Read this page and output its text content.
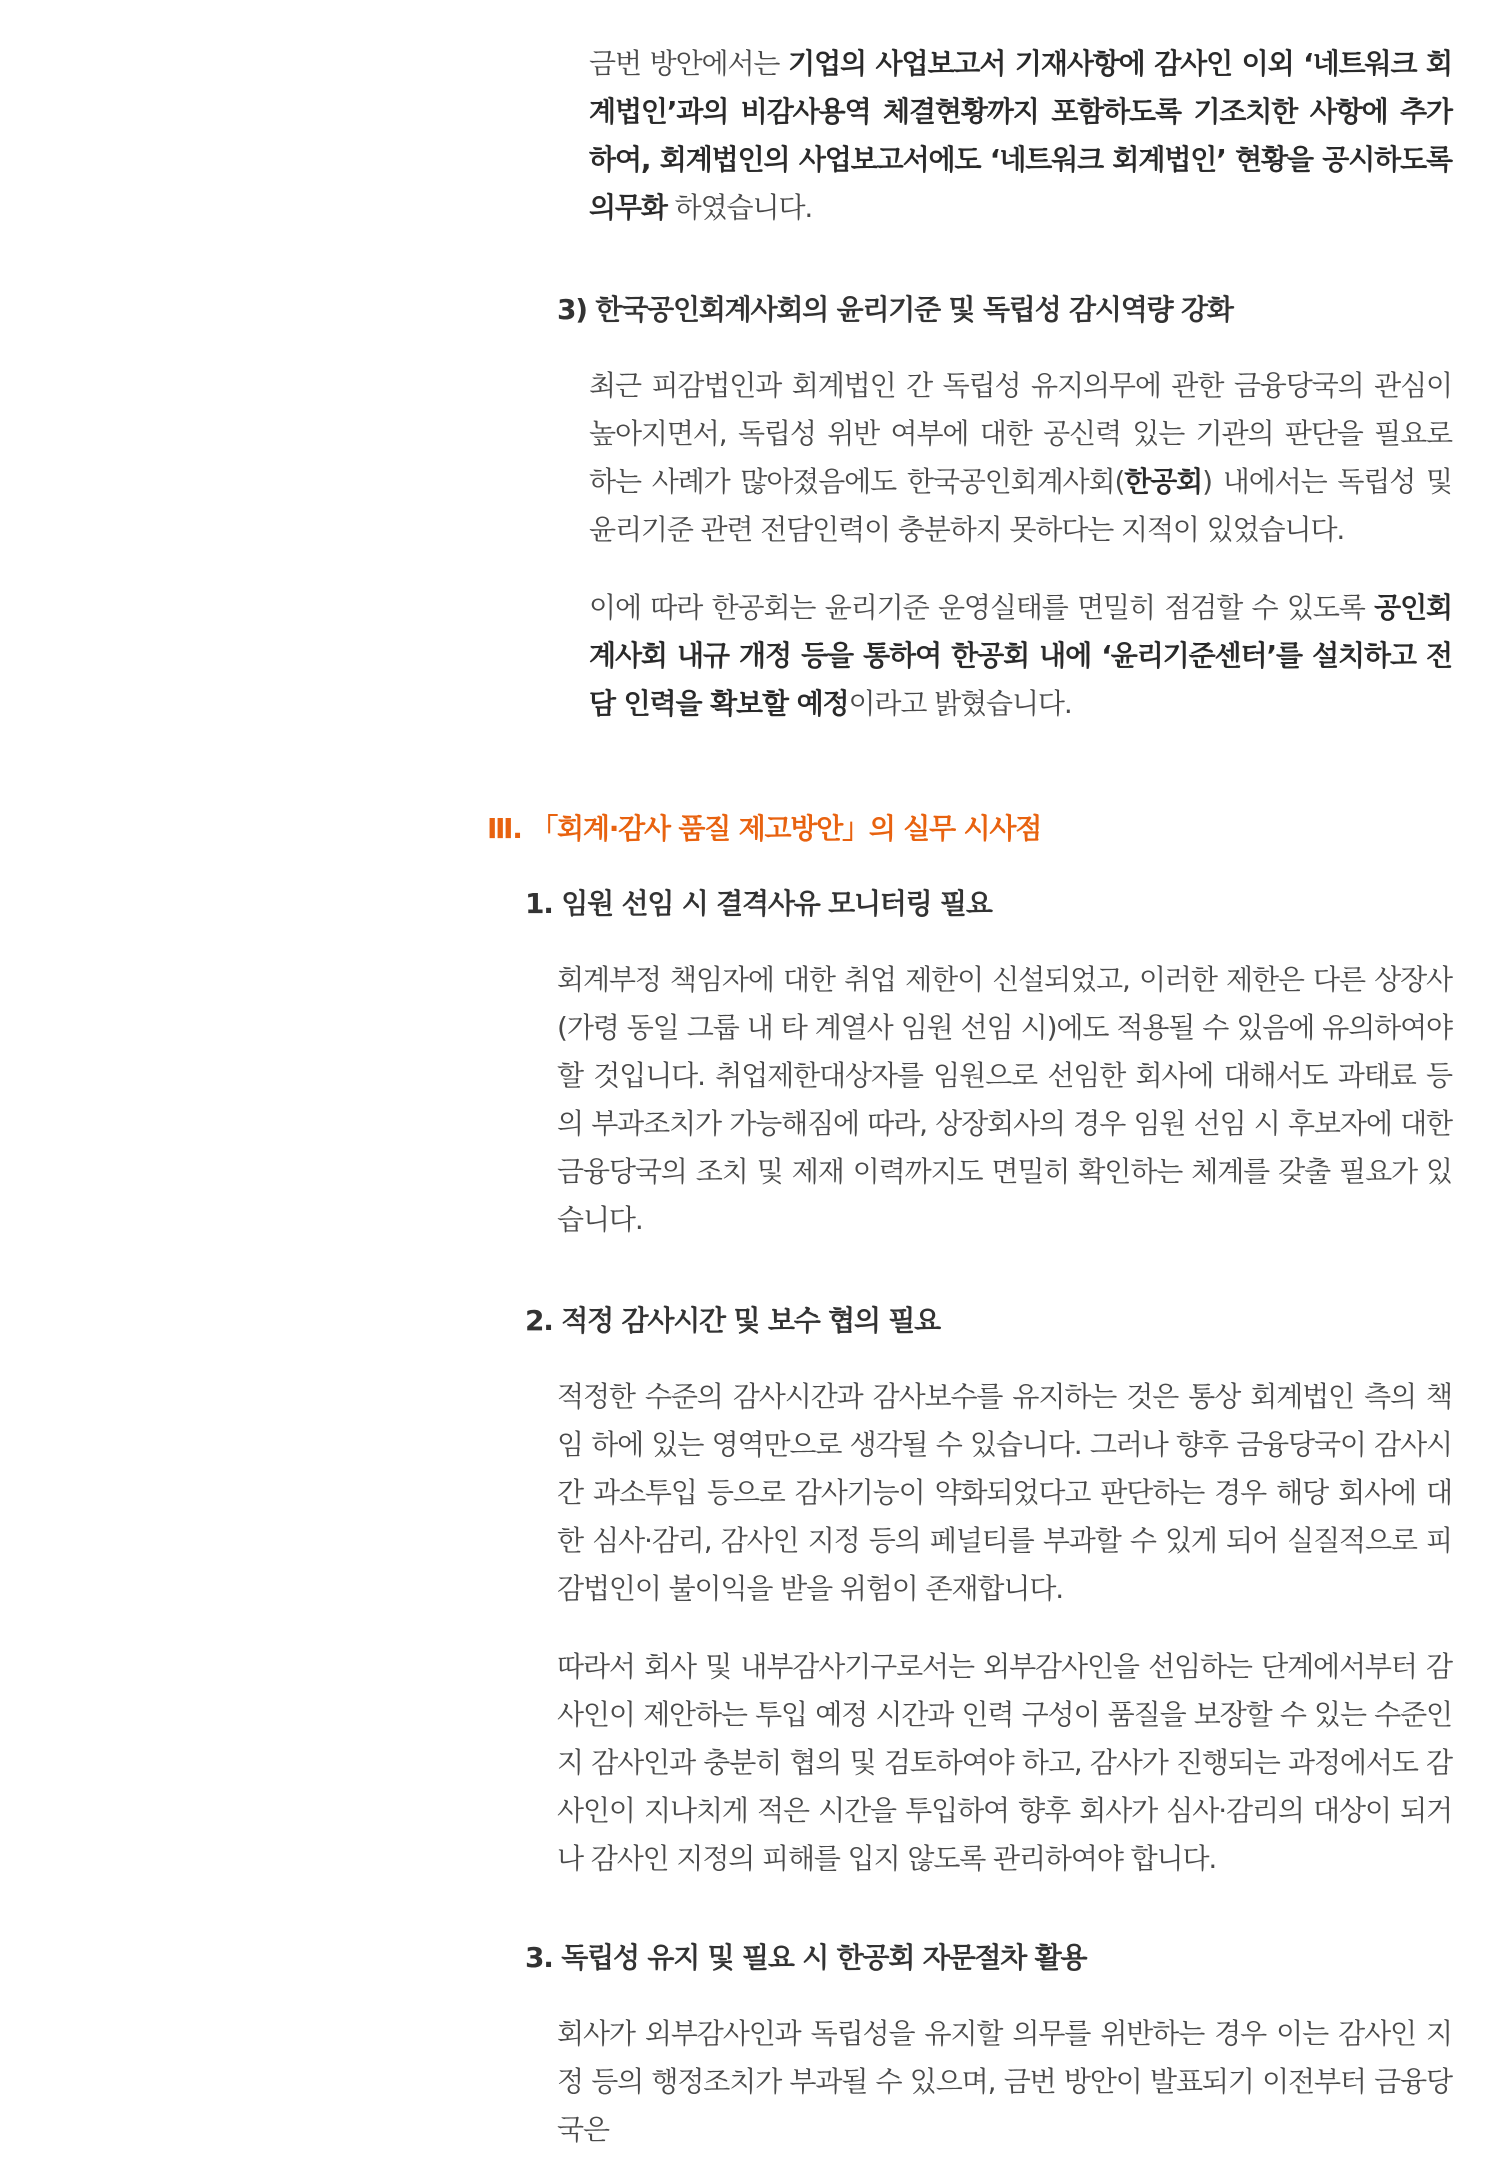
금번 방안에서는 기업의 사업보고서 기재사항에 감사인 이외 ‘네트워크 회계법인’과의 비감사용역 체결현황까지 포함하도록 기조치한 사항에 추가하여, 회계법인의 사업보고서에도 ‘네트워크 회계법인’ 현황을 공시하도록 의무화 하였습니다.

3) 한국공인회계사회의 윤리기준 및 독립성 감시역량 강화

최근 피감법인과 회계법인 간 독립성 유지의무에 관한 금융당국의 관심이 높아지면서, 독립성 위반 여부에 대한 공신력 있는 기관의 판단을 필요로 하는 사례가 많아졌음에도 한국공인회계사회(한공회) 내에서는 독립성 및 윤리기준 관련 전담인력이 충분하지 못하다는 지적이 있었습니다.

이에 따라 한공회는 윤리기준 운영실태를 면밀히 점검할 수 있도록 공인회계사회 내규 개정 등을 통하여 한공회 내에 ‘윤리기준센터’를 설치하고 전담 인력을 확보할 예정이라고 밝혔습니다.

Ⅲ. 「회계·감사 품질 제고방안」의 실무 시사점
1. 임원 선임 시 결격사유 모니터링 필요

회계부정 책임자에 대한 취업 제한이 신설되었고, 이러한 제한은 다른 상장사(가령 동일 그룹 내 타 계열사 임원 선임 시)에도 적용될 수 있음에 유의하여야 할 것입니다. 취업제한대상자를 임원으로 선임한 회사에 대해서도 과태료 등의 부과조치가 가능해짐에 따라, 상장회사의 경우 임원 선임 시 후보자에 대한 금융당국의 조치 및 제재 이력까지도 면밀히 확인하는 체계를 갖출 필요가 있습니다.

2. 적정 감사시간 및 보수 협의 필요

적정한 수준의 감사시간과 감사보수를 유지하는 것은 통상 회계법인 측의 책임 하에 있는 영역만으로 생각될 수 있습니다. 그러나 향후 금융당국이 감사시간 과소투입 등으로 감사기능이 약화되었다고 판단하는 경우 해당 회사에 대한 심사·감리, 감사인 지정 등의 페널티를 부과할 수 있게 되어 실질적으로 피감법인이 불이익을 받을 위험이 존재합니다.

따라서 회사 및 내부감사기구로서는 외부감사인을 선임하는 단계에서부터 감사인이 제안하는 투입 예정 시간과 인력 구성이 품질을 보장할 수 있는 수준인지 감사인과 충분히 협의 및 검토하여야 하고, 감사가 진행되는 과정에서도 감사인이 지나치게 적은 시간을 투입하여 향후 회사가 심사·감리의 대상이 되거나 감사인 지정의 피해를 입지 않도록 관리하여야 합니다.

3. 독립성 유지 및 필요 시 한공회 자문절차 활용

회사가 외부감사인과 독립성을 유지할 의무를 위반하는 경우 이는 감사인 지정 등의 행정조치가 부과될 수 있으며, 금번 방안이 발표되기 이전부터 금융당국은
